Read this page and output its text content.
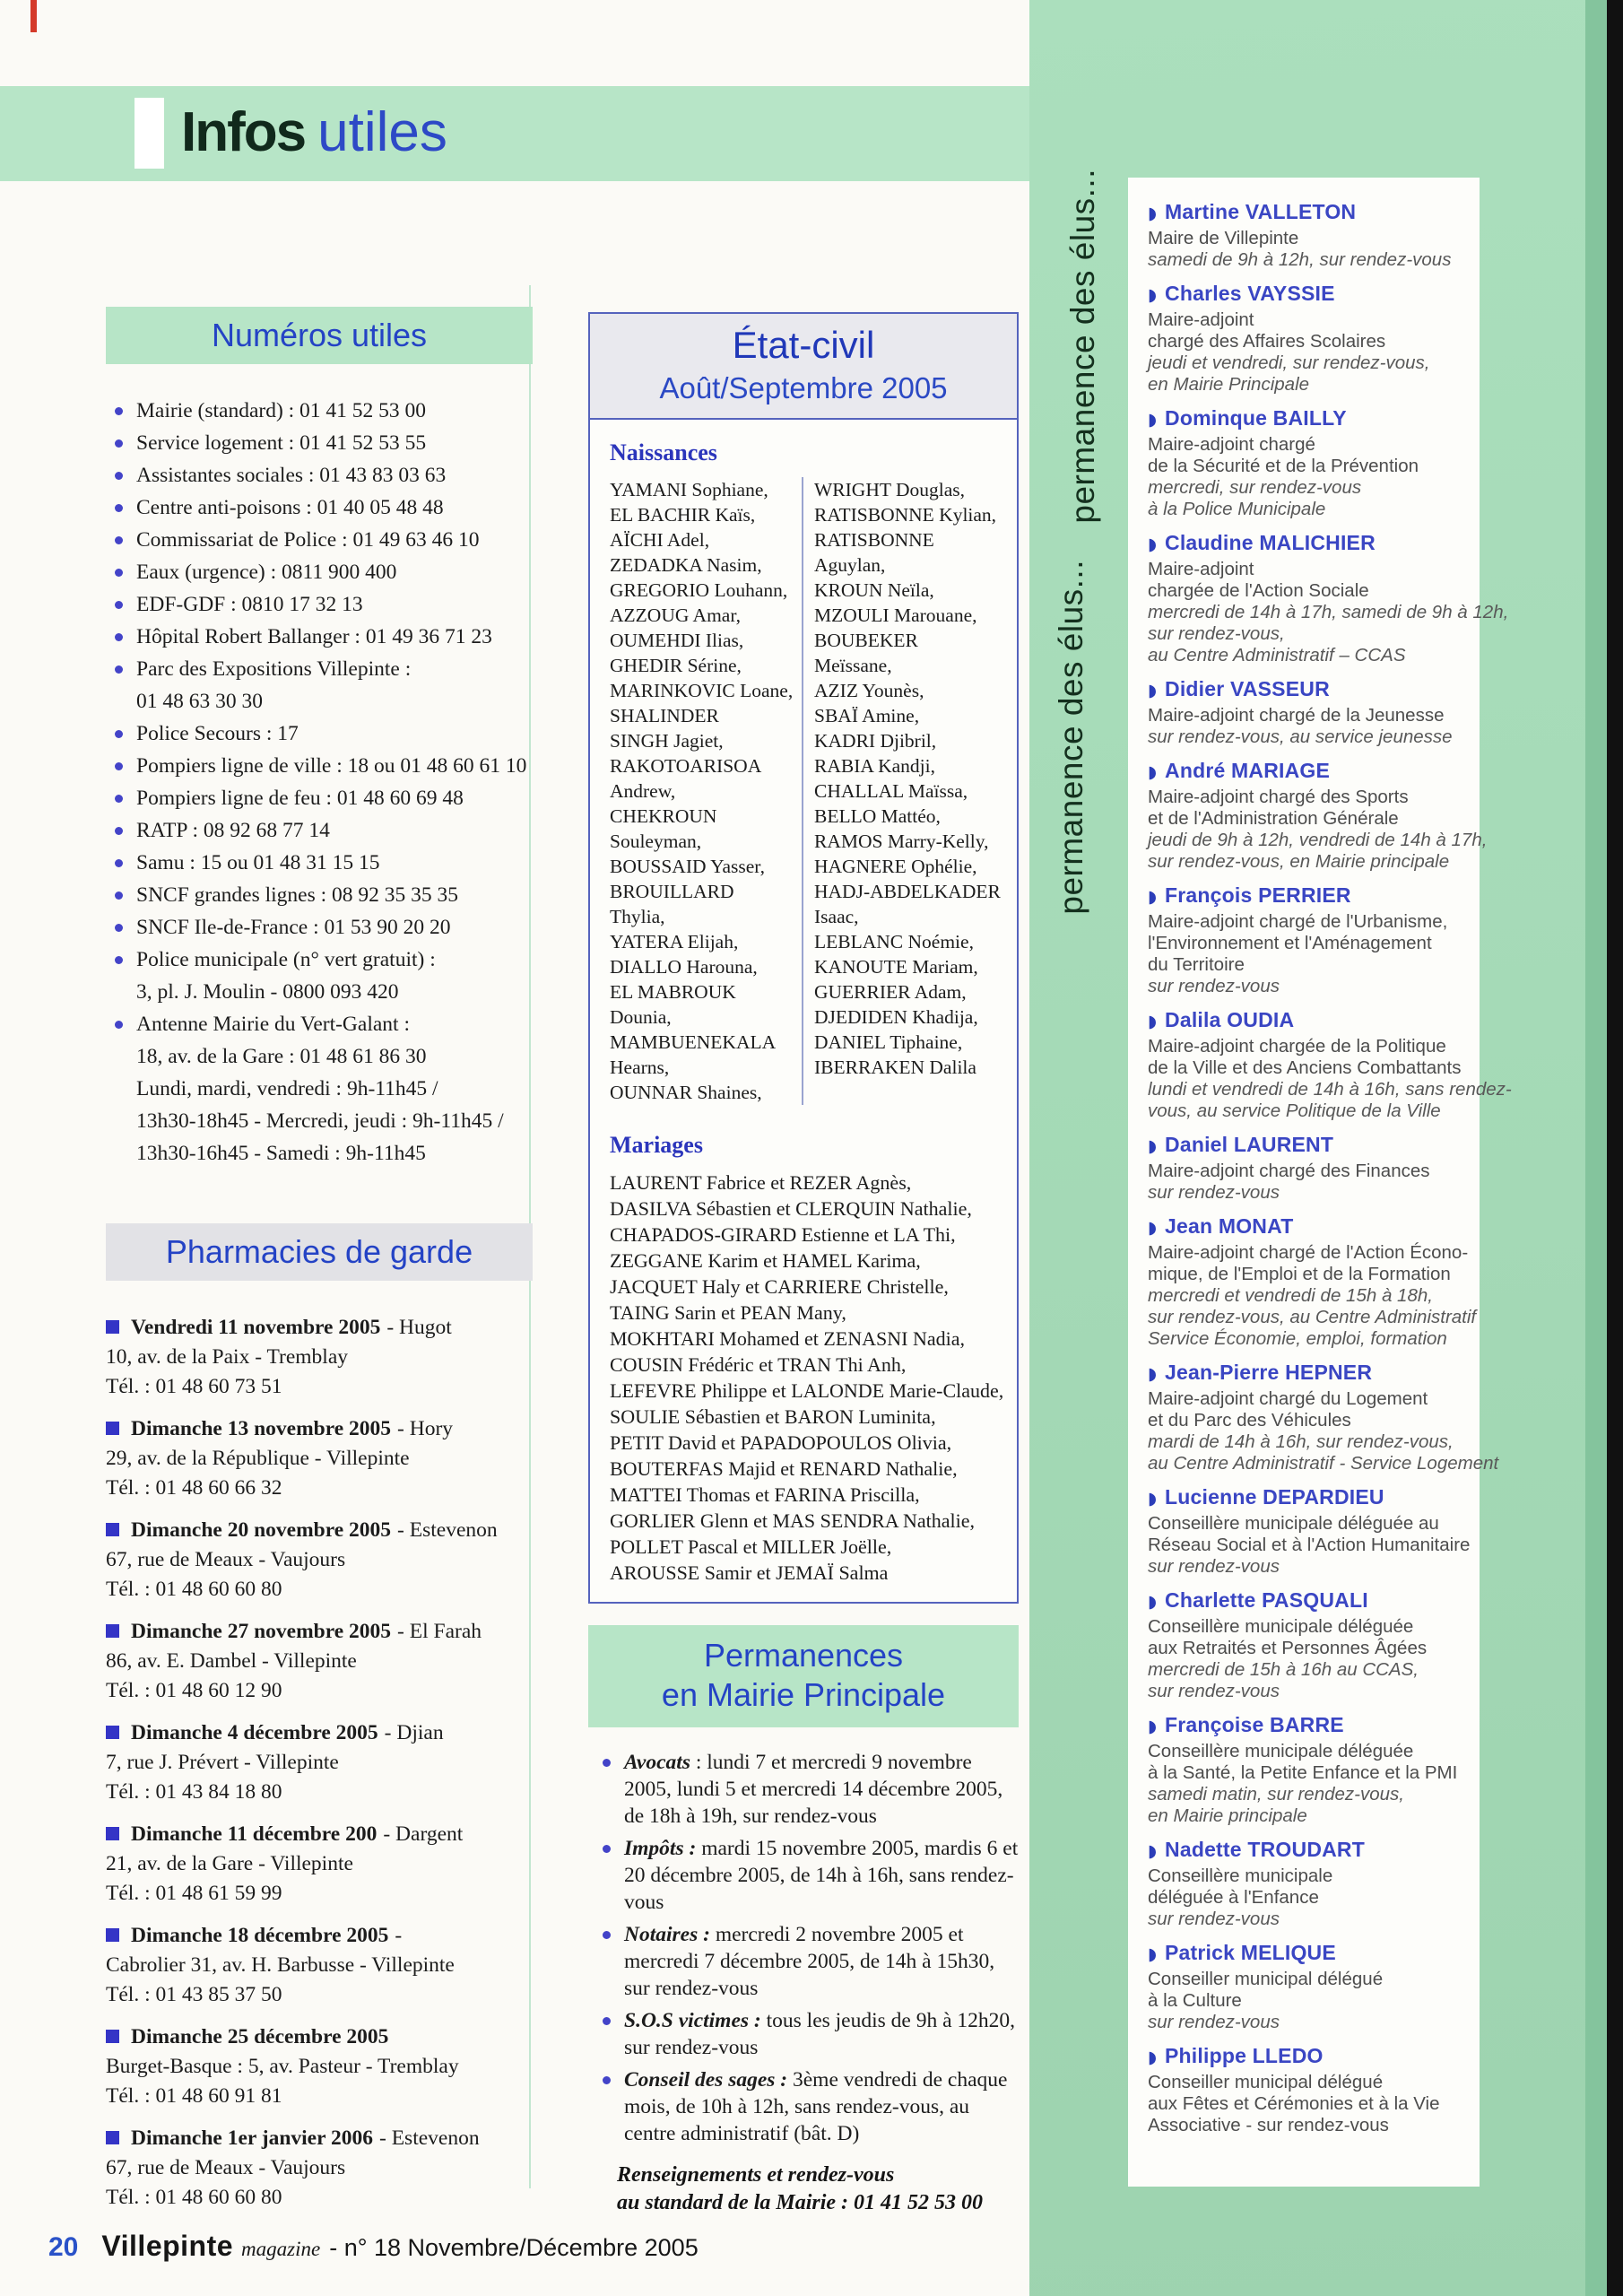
Infos utiles
permanence des élus...
permanence des élus...
◗ Martine VALLETON
Maire de Villepinte
samedi de 9h à 12h, sur rendez-vous
◗ Charles VAYSSIE
Maire-adjoint
chargé des Affaires Scolaires
jeudi et vendredi, sur rendez-vous,
en Mairie Principale
◗ Dominque BAILLY
Maire-adjoint chargé
de la Sécurité et de la Prévention
mercredi, sur rendez-vous
à la Police Municipale
◗ Claudine MALICHIER
Maire-adjoint
chargée de l'Action Sociale
mercredi de 14h à 17h, samedi de 9h à 12h,
sur rendez-vous,
au Centre Administratif – CCAS
◗ Didier VASSEUR
Maire-adjoint chargé de la Jeunesse
sur rendez-vous, au service jeunesse
◗ André MARIAGE
Maire-adjoint chargé des Sports
et de l'Administration Générale
jeudi de 9h à 12h, vendredi de 14h à 17h,
sur rendez-vous, en Mairie principale
◗ François PERRIER
Maire-adjoint chargé de l'Urbanisme,
l'Environnement et l'Aménagement
du Territoire
sur rendez-vous
◗ Dalila OUDIA
Maire-adjoint chargée de la Politique
de la Ville et des Anciens Combattants
lundi et vendredi de 14h à 16h, sans rendez-
vous, au service Politique de la Ville
◗ Daniel LAURENT
Maire-adjoint chargé des Finances
sur rendez-vous
◗ Jean MONAT
Maire-adjoint chargé de l'Action Écono-
mique, de l'Emploi et de la Formation
mercredi et vendredi de 15h à 18h,
sur rendez-vous, au Centre Administratif
Service Économie, emploi, formation
◗ Jean-Pierre HEPNER
Maire-adjoint chargé du Logement
et du Parc des Véhicules
mardi de 14h à 16h, sur rendez-vous,
au Centre Administratif - Service Logement
◗ Lucienne DEPARDIEU
Conseillère municipale déléguée au
Réseau Social et à l'Action Humanitaire
sur rendez-vous
◗ Charlette PASQUALI
Conseillère municipale déléguée
aux Retraités et Personnes Âgées
mercredi de 15h à 16h au CCAS,
sur rendez-vous
◗ Françoise BARRE
Conseillère municipale déléguée
à la Santé, la Petite Enfance et la PMI
samedi matin, sur rendez-vous,
en Mairie principale
◗ Nadette TROUDART
Conseillère municipale
déléguée à l'Enfance
sur rendez-vous
◗ Patrick MELIQUE
Conseiller municipal délégué
à la Culture
sur rendez-vous
◗ Philippe LLEDO
Conseiller municipal délégué
aux Fêtes et Cérémonies et à la Vie
Associative - sur rendez-vous
Numéros utiles
Mairie (standard) : 01 41 52 53 00
Service logement : 01 41 52 53 55
Assistantes sociales : 01 43 83 03 63
Centre anti-poisons : 01 40 05 48 48
Commissariat de Police : 01 49 63 46 10
Eaux (urgence) : 0811 900 400
EDF-GDF : 0810 17 32 13
Hôpital Robert Ballanger : 01 49 36 71 23
Parc des Expositions Villepinte :
01 48 63 30 30
Police Secours : 17
Pompiers ligne de ville : 18 ou 01 48 60 61 10
Pompiers ligne de feu : 01 48 60 69 48
RATP : 08 92 68 77 14
Samu : 15 ou 01 48 31 15 15
SNCF grandes lignes : 08 92 35 35 35
SNCF Ile-de-France : 01 53 90 20 20
Police municipale (n° vert gratuit) :
3, pl. J. Moulin - 0800 093 420
Antenne Mairie du Vert-Galant :
18, av. de la Gare : 01 48 61 86 30
Lundi, mardi, vendredi : 9h-11h45 /
13h30-18h45 - Mercredi, jeudi : 9h-11h45 /
13h30-16h45 - Samedi : 9h-11h45
Pharmacies de garde
Vendredi 11 novembre 2005 - Hugot
10, av. de la Paix - Tremblay
Tél. : 01 48 60 73 51
Dimanche 13 novembre 2005 - Hory
29, av. de la République - Villepinte
Tél. : 01 48 60 66 32
Dimanche 20 novembre 2005 - Estevenon
67, rue de Meaux - Vaujours
Tél. : 01 48 60 60 80
Dimanche 27 novembre 2005 - El Farah
86, av. E. Dambel - Villepinte
Tél. : 01 48 60 12 90
Dimanche 4 décembre 2005 - Djian
7, rue J. Prévert - Villepinte
Tél. : 01 43 84 18 80
Dimanche 11 décembre 200 - Dargent
21, av. de la Gare - Villepinte
Tél. : 01 48 61 59 99
Dimanche 18 décembre 2005 -
Cabrolier 31, av. H. Barbusse - Villepinte
Tél. : 01 43 85 37 50
Dimanche 25 décembre 2005
Burget-Basque : 5, av. Pasteur - Tremblay
Tél. : 01 48 60 91 81
Dimanche 1er janvier 2006 - Estevenon
67, rue de Meaux - Vaujours
Tél. : 01 48 60 60 80
État-civil
Août/Septembre 2005
Naissances
YAMANI Sophiane,
EL BACHIR Kaïs,
AÏCHI Adel,
ZEDADKA Nasim,
GREGORIO Louhann,
AZZOUG Amar,
OUMEHDI Ilias,
GHEDIR Sérine,
MARINKOVIC Loane,
SHALINDER
SINGH Jagiet,
RAKOTOARISOA
Andrew,
CHEKROUN
Souleyman,
BOUSSAID Yasser,
BROUILLARD
Thylia,
YATERA Elijah,
DIALLO Harouna,
EL MABROUK
Dounia,
MAMBUENEKALA
Hearns,
OUNNAR Shaines,
WRIGHT Douglas,
RATISBONNE Kylian,
RATISBONNE
Aguylan,
KROUN Neïla,
MZOULI Marouane,
BOUBEKER
Meïssane,
AZIZ Younès,
SBAÏ Amine,
KADRI Djibril,
RABIA Kandji,
CHALLAL Maïssa,
BELLO Mattéo,
RAMOS Marry-Kelly,
HAGNERE Ophélie,
HADJ-ABDELKADER
Isaac,
LEBLANC Noémie,
KANOUTE Mariam,
GUERRIER Adam,
DJEDIDEN Khadija,
DANIEL Tiphaine,
IBERRAKEN Dalila
Mariages
LAURENT Fabrice et REZER Agnès,
DASILVA Sébastien et CLERQUIN Nathalie,
CHAPADOS-GIRARD Estienne et LA Thi,
ZEGGANE Karim et HAMEL Karima,
JACQUET Haly et CARRIERE Christelle,
TAING Sarin et PEAN Many,
MOKHTARI Mohamed et ZENASNI Nadia,
COUSIN Frédéric et TRAN Thi Anh,
LEFEVRE Philippe et LALONDE Marie-Claude,
SOULIE Sébastien et BARON Luminita,
PETIT David et PAPADOPOULOS Olivia,
BOUTERFAS Majid et RENARD Nathalie,
MATTEI Thomas et FARINA Priscilla,
GORLIER Glenn et MAS SENDRA Nathalie,
POLLET Pascal et MILLER Joëlle,
AROUSSE Samir et JEMAÏ Salma
Permanences
en Mairie Principale
Avocats : lundi 7 et mercredi 9 novembre 2005, lundi 5 et mercredi 14 décembre 2005, de 18h à 19h, sur rendez-vous
Impôts : mardi 15 novembre 2005, mardis 6 et 20 décembre 2005, de 14h à 16h, sans rendez-vous
Notaires : mercredi 2 novembre 2005 et mercredi 7 décembre 2005, de 14h à 15h30, sur rendez-vous
S.O.S victimes : tous les jeudis de 9h à 12h20, sur rendez-vous
Conseil des sages : 3ème vendredi de chaque mois, de 10h à 12h, sans rendez-vous, au centre administratif (bât. D)
Renseignements et rendez-vous
au standard de la Mairie : 01 41 52 53 00
20 Villepinte magazine - n° 18 Novembre/Décembre 2005
